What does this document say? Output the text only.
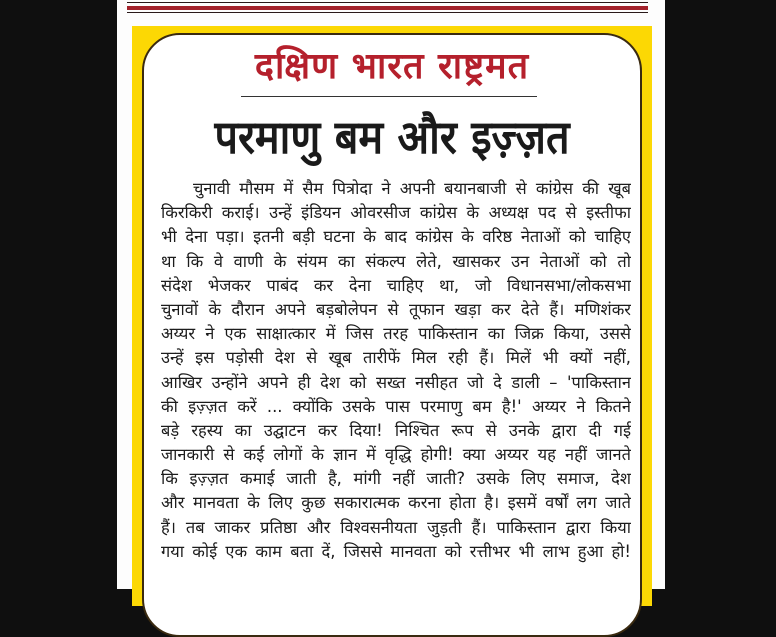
दक्षिण भारत राष्ट्रमत
परमाणु बम और इज़्ज़त
चुनावी मौसम में सैम पित्रोदा ने अपनी बयानबाजी से कांग्रेस की खूब
किरकिरी कराई। उन्हें इंडियन ओवरसीज कांग्रेस के अध्यक्ष पद से इस्तीफा
भी देना पड़ा। इतनी बड़ी घटना के बाद कांग्रेस के वरिष्ठ नेताओं को चाहिए
था कि वे वाणी के संयम का संकल्प लेते, खासकर उन नेताओं को तो
संदेश भेजकर पाबंद कर देना चाहिए था, जो विधानसभा/लोकसभा
चुनावों के दौरान अपने बड़बोलेपन से तूफान खड़ा कर देते हैं। मणिशंकर
अय्यर ने एक साक्षात्कार में जिस तरह पाकिस्तान का जिक्र किया, उससे
उन्हें इस पड़ोसी देश से खूब तारीफें मिल रही हैं। मिलें भी क्यों नहीं,
आखिर उन्होंने अपने ही देश को सख्त नसीहत जो दे डाली – 'पाकिस्तान
की इज़्ज़त करें ... क्योंकि उसके पास परमाणु बम है!' अय्यर ने कितने
बड़े रहस्य का उद्घाटन कर दिया! निश्चित रूप से उनके द्वारा दी गई
जानकारी से कई लोगों के ज्ञान में वृद्धि होगी! क्या अय्यर यह नहीं जानते
कि इज़्ज़त कमाई जाती है, मांगी नहीं जाती? उसके लिए समाज, देश
और मानवता के लिए कुछ सकारात्मक करना होता है। इसमें वर्षों लग जाते
हैं। तब जाकर प्रतिष्ठा और विश्वसनीयता जुड़ती हैं। पाकिस्तान द्वारा किया
गया कोई एक काम बता दें, जिससे मानवता को रत्तीभर भी लाभ हुआ हो!
